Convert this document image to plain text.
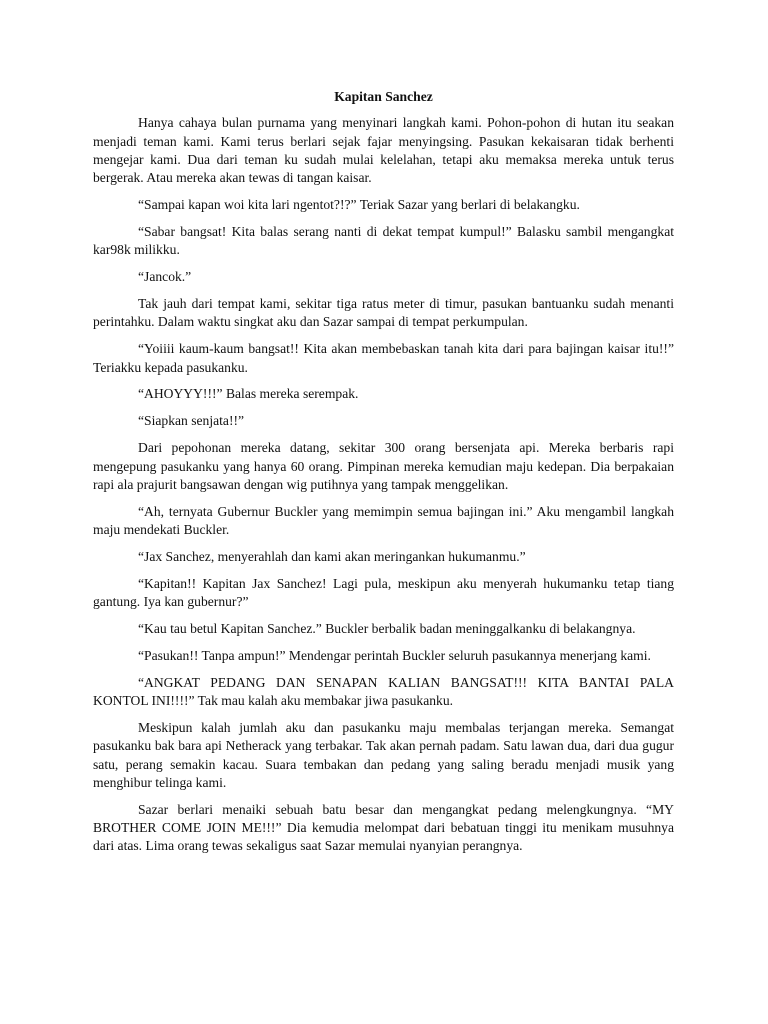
Kapitan Sanchez

Hanya cahaya bulan purnama yang menyinari langkah kami. Pohon-pohon di hutan itu seakan menjadi teman kami. Kami terus berlari sejak fajar menyingsing. Pasukan kekaisaran tidak berhenti mengejar kami. Dua dari teman ku sudah mulai kelelahan, tetapi aku memaksa mereka untuk terus bergerak. Atau mereka akan tewas di tangan kaisar.

“Sampai kapan woi kita lari ngentot?!?” Teriak Sazar yang berlari di belakangku.

“Sabar bangsat! Kita balas serang nanti di dekat tempat kumpul!” Balasku sambil mengangkat kar98k milikku.

“Jancok.”

Tak jauh dari tempat kami, sekitar tiga ratus meter di timur, pasukan bantuanku sudah menanti perintahku. Dalam waktu singkat aku dan Sazar sampai di tempat perkumpulan.

“Yoiiii kaum-kaum bangsat!! Kita akan membebaskan tanah kita dari para bajingan kaisar itu!!” Teriakku kepada pasukanku.

“AHOYYY!!!” Balas mereka serempak.

“Siapkan senjata!!”

Dari pepohonan mereka datang, sekitar 300 orang bersenjata api. Mereka berbaris rapi mengepung pasukanku yang hanya 60 orang. Pimpinan mereka kemudian maju kedepan. Dia berpakaian rapi ala prajurit bangsawan dengan wig putihnya yang tampak menggelikan.

“Ah, ternyata Gubernur Buckler yang memimpin semua bajingan ini.” Aku mengambil langkah maju mendekati Buckler.

“Jax Sanchez, menyerahlah dan kami akan meringankan hukumanmu.”

“Kapitan!! Kapitan Jax Sanchez! Lagi pula, meskipun aku menyerah hukumanku tetap tiang gantung. Iya kan gubernur?”

“Kau tau betul Kapitan Sanchez.” Buckler berbalik badan meninggalkanku di belakangnya.

“Pasukan!! Tanpa ampun!” Mendengar perintah Buckler seluruh pasukannya menerjang kami.

“ANGKAT PEDANG DAN SENAPAN KALIAN BANGSAT!!! KITA BANTAI PALA KONTOL INI!!!!” Tak mau kalah aku membakar jiwa pasukanku.

Meskipun kalah jumlah aku dan pasukanku maju membalas terjangan mereka. Semangat pasukanku bak bara api Netherack yang terbakar. Tak akan pernah padam. Satu lawan dua, dari dua gugur satu, perang semakin kacau. Suara tembakan dan pedang yang saling beradu menjadi musik yang menghibur telinga kami.

Sazar berlari menaiki sebuah batu besar dan mengangkat pedang melengkungnya. “MY BROTHER COME JOIN ME!!!” Dia kemudia melompat dari bebatuan tinggi itu menikam musuhnya dari atas. Lima orang tewas sekaligus saat Sazar memulai nyanyian perangnya.
